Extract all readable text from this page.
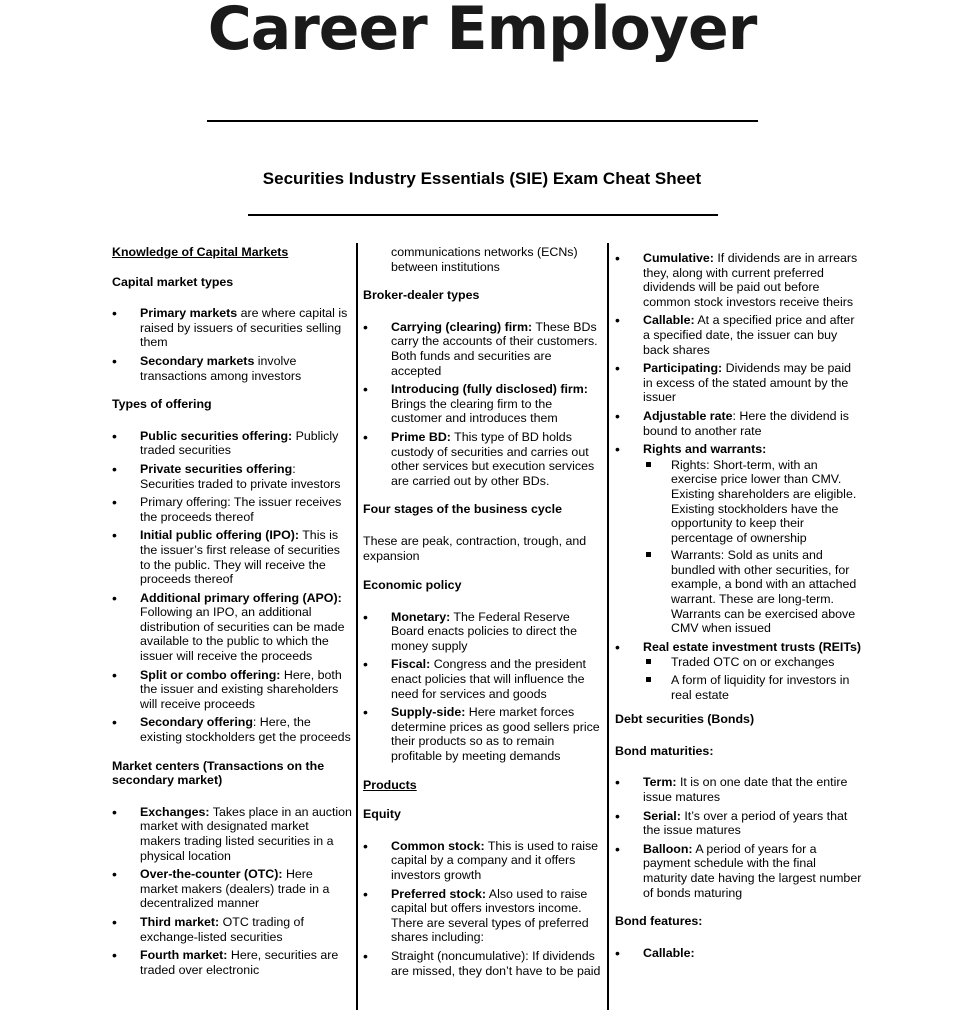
Career Employer
Securities Industry Essentials (SIE) Exam Cheat Sheet
Knowledge of Capital Markets
Capital market types
• Primary markets are where capital is raised by issuers of securities selling them
• Secondary markets involve transactions among investors
Types of offering
• Public securities offering: Publicly traded securities
• Private securities offering: Securities traded to private investors
• Primary offering: The issuer receives the proceeds thereof
• Initial public offering (IPO): This is the issuer’s first release of securities to the public. They will receive the proceeds thereof
• Additional primary offering (APO): Following an IPO, an additional distribution of securities can be made available to the public to which the issuer will receive the proceeds
• Split or combo offering: Here, both the issuer and existing shareholders will receive proceeds
• Secondary offering: Here, the existing stockholders get the proceeds
Market centers (Transactions on the secondary market)
• Exchanges: Takes place in an auction market with designated market makers trading listed securities in a physical location
• Over-the-counter (OTC): Here market makers (dealers) trade in a decentralized manner
• Third market: OTC trading of exchange-listed securities
• Fourth market: Here, securities are traded over electronic
communications networks (ECNs) between institutions
Broker-dealer types
• Carrying (clearing) firm: These BDs carry the accounts of their customers. Both funds and securities are accepted
• Introducing (fully disclosed) firm: Brings the clearing firm to the customer and introduces them
• Prime BD: This type of BD holds custody of securities and carries out other services but execution services are carried out by other BDs.
Four stages of the business cycle
These are peak, contraction, trough, and expansion
Economic policy
• Monetary: The Federal Reserve Board enacts policies to direct the money supply
• Fiscal: Congress and the president enact policies that will influence the need for services and goods
• Supply-side: Here market forces determine prices as good sellers price their products so as to remain profitable by meeting demands
Products
Equity
• Common stock: This is used to raise capital by a company and it offers investors growth
• Preferred stock: Also used to raise capital but offers investors income. There are several types of preferred shares including:
• Straight (noncumulative): If dividends are missed, they don’t have to be paid
• Cumulative: If dividends are in arrears they, along with current preferred dividends will be paid out before common stock investors receive theirs
• Callable: At a specified price and after a specified date, the issuer can buy back shares
• Participating: Dividends may be paid in excess of the stated amount by the issuer
• Adjustable rate: Here the dividend is bound to another rate
• Rights and warrants:
Rights: Short-term, with an exercise price lower than CMV. Existing shareholders are eligible. Existing stockholders have the opportunity to keep their percentage of ownership
Warrants: Sold as units and bundled with other securities, for example, a bond with an attached warrant. These are long-term. Warrants can be exercised above CMV when issued
• Real estate investment trusts (REITs)
Traded OTC on or exchanges
A form of liquidity for investors in real estate
Debt securities (Bonds)
Bond maturities:
• Term: It is on one date that the entire issue matures
• Serial: It’s over a period of years that the issue matures
• Balloon: A period of years for a payment schedule with the final maturity date having the largest number of bonds maturing
Bond features:
• Callable:
